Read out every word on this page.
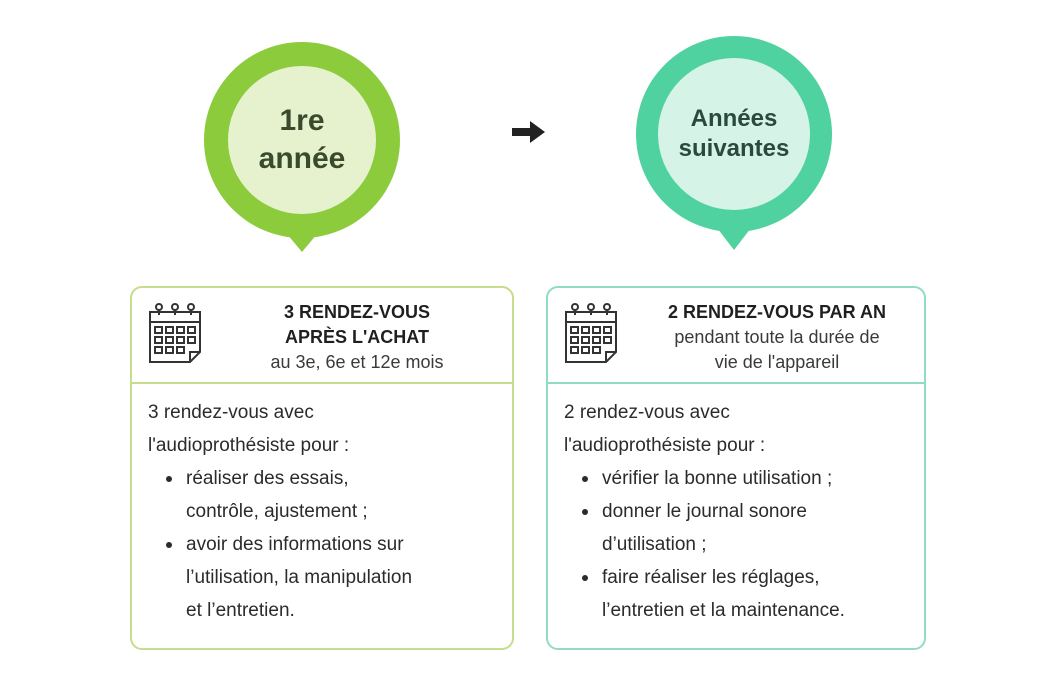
1re
année
Années
suivantes
3 RENDEZ-VOUS
APRÈS L'ACHAT
au 3e, 6e et 12e mois

3 rendez-vous avec

l'audioprothésiste pour :

réaliser des essais,
contrôle, ajustement ;
avoir des informations sur
l’utilisation, la manipulation
et l’entretien.
2 RENDEZ-VOUS PAR AN
pendant toute la durée de
vie de l'appareil

2 rendez-vous avec

l'audioprothésiste pour :

vérifier la bonne utilisation ;
donner le journal sonore
d’utilisation ;
faire réaliser les réglages,
l’entretien et la maintenance.
